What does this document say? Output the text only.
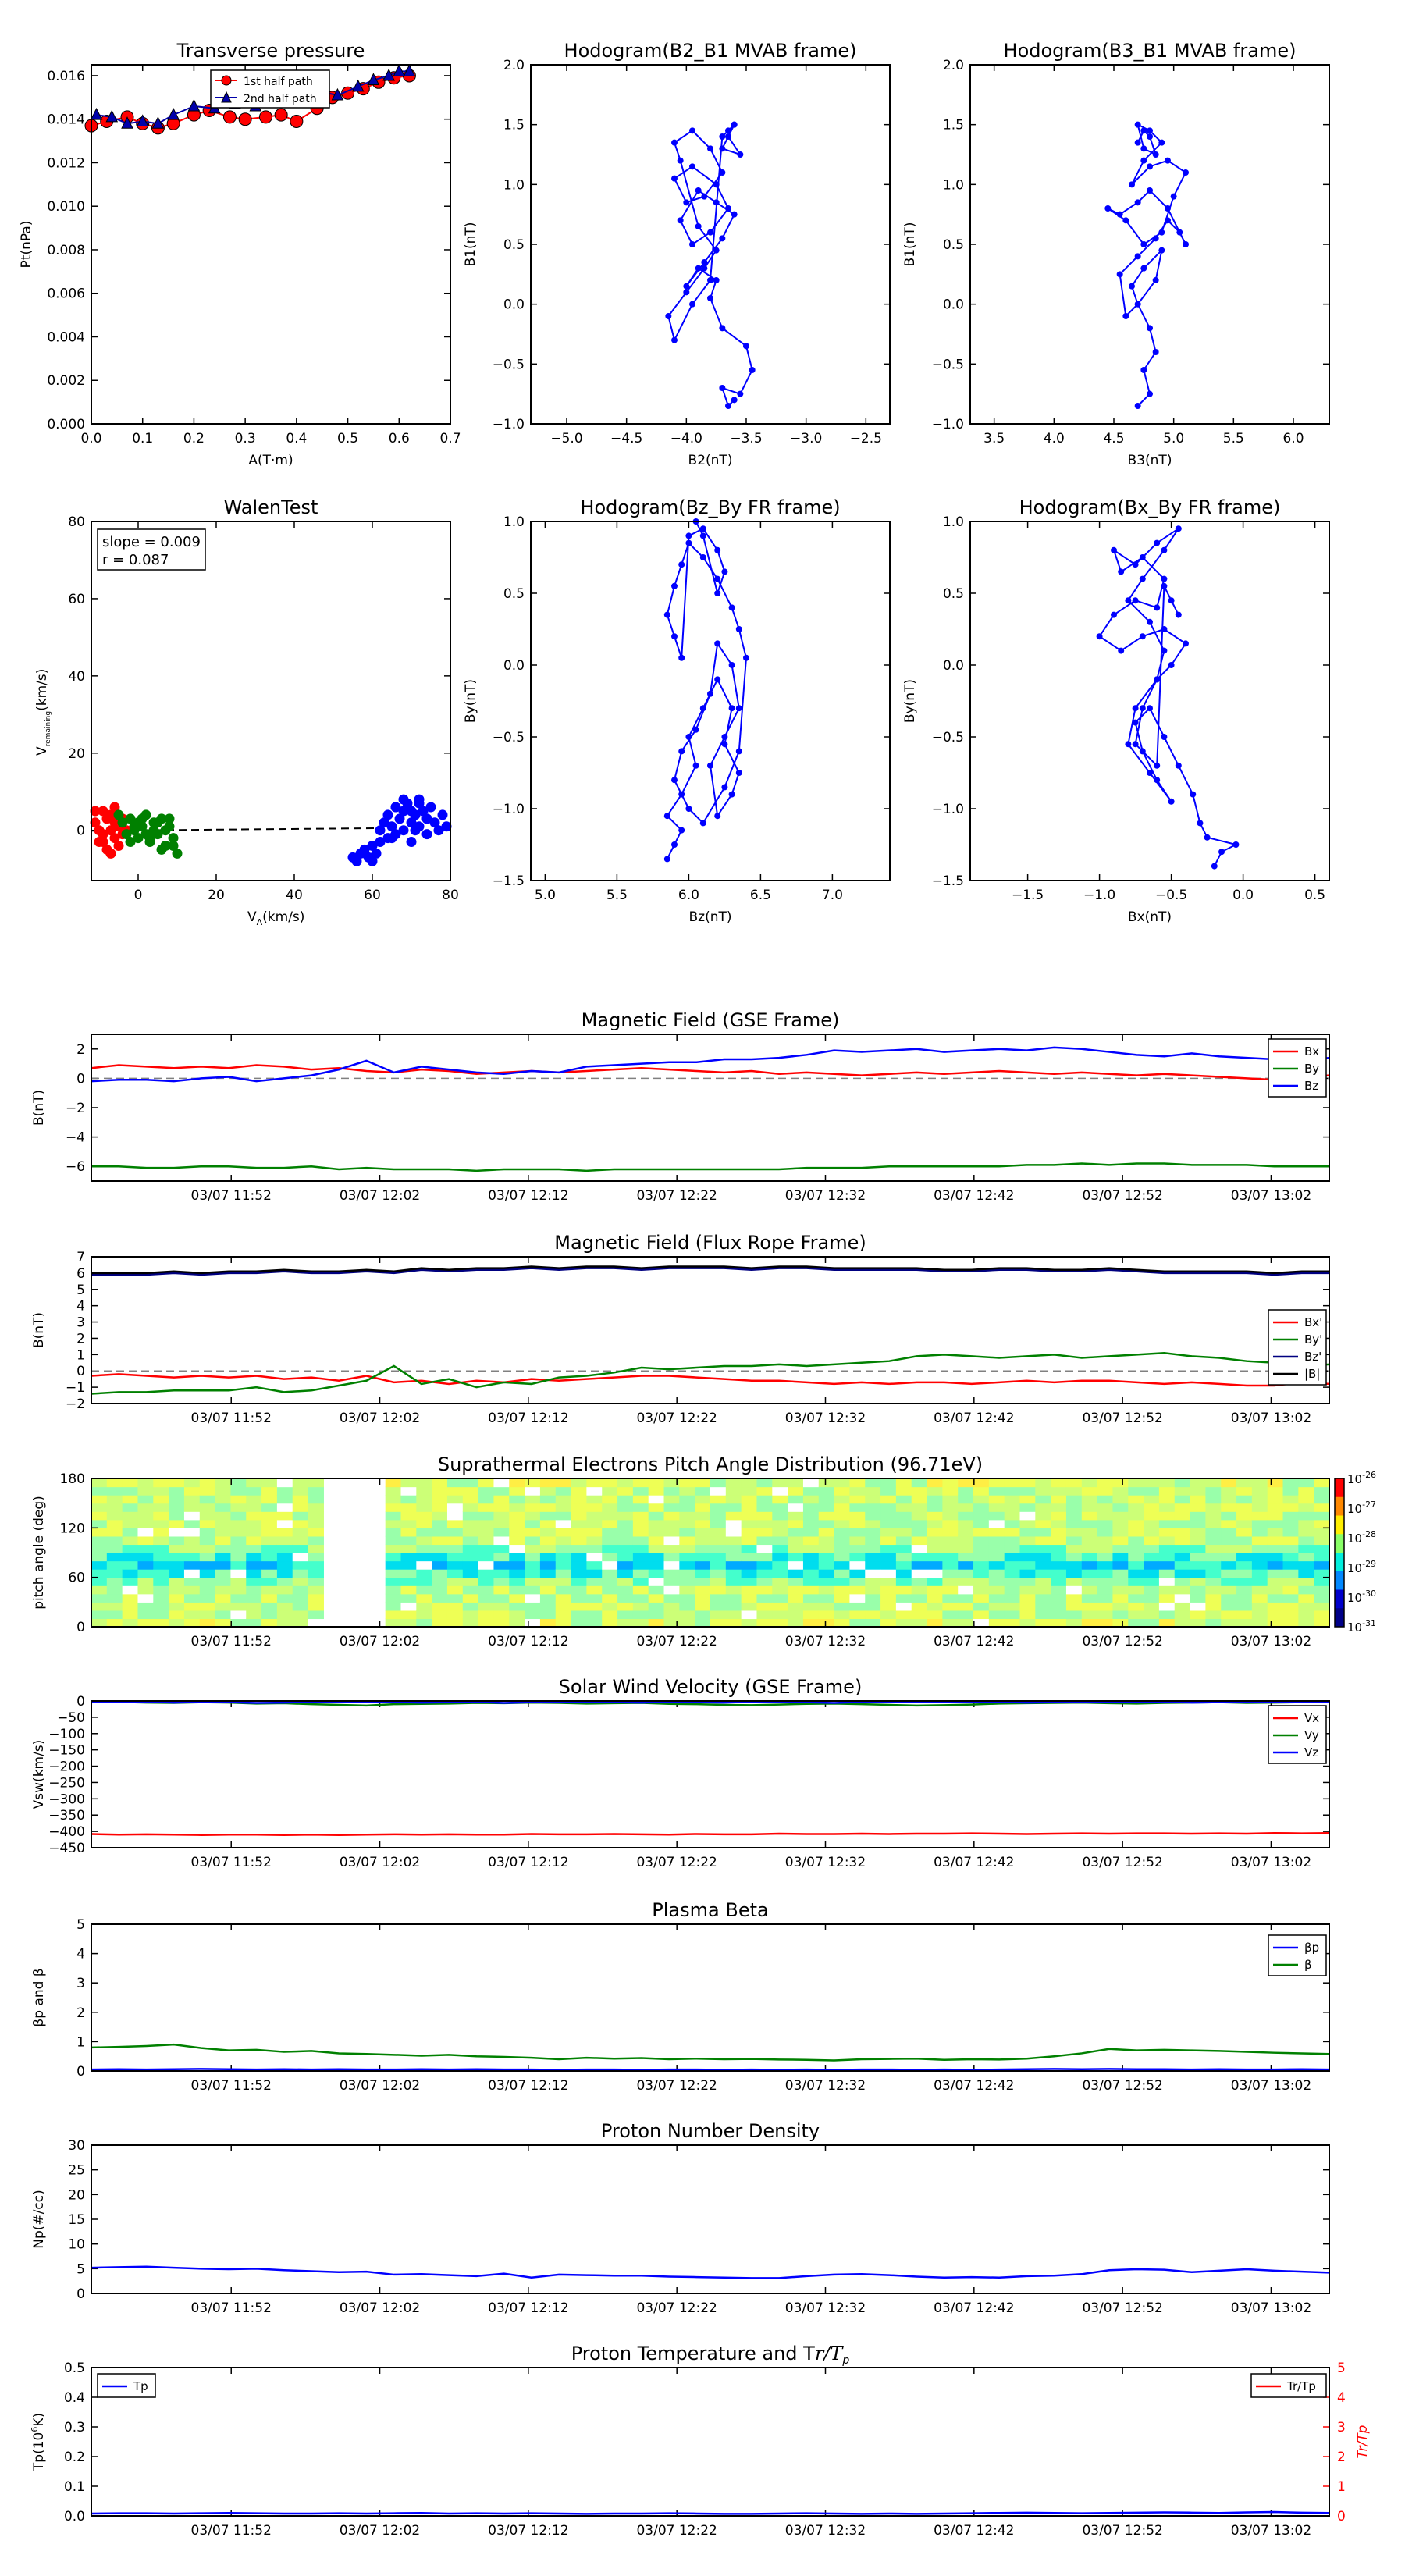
Transverse pressure
0.0 0.1 0.2 0.3 0.4 0.5 0.6 0.7
0.000
0.002
0.004
0.006
0.008
0.010
0.012
0.014
0.016
A(T·m)
Pt(nPa)
1st half path
2nd half path
Hodogram(B2_B1 MVAB frame)
−5.0 −4.5 −4.0 −3.5 −3.0 −2.5
−1.0
−0.5
0.0
0.5
1.0
1.5
2.0
B2(nT)
B1(nT)
Hodogram(B3_B1 MVAB frame)
3.5	4.0	4.5	5.0	5.5	6.0
−1.0
−0.5
0.0
0.5
1.0
1.5
2.0
B3(nT)
B1(nT)
Hodogram(Bz_By FR frame)
5.0	5.5	6.0	6.5	7.0
−1.5
−1.0
−0.5
0.0
0.5
1.0
Bz(nT)
By(nT)
Hodogram(Bx_By FR frame)
−1.5	−1.0	−0.5	0.0	0.5
−1.5
−1.0
−0.5
0.0
0.5
1.0
Bx(nT)
By(nT)
WalenTest
0	20	40	60	80
0
20
40
60
80
$V_A(km/s)$
$V_{remaining}(km/s)$
slope = 0.009
r = 0.087
Magnetic Field (GSE Frame)
−6
−4
−2
0
2
B(nT)
03/07 11:52	03/07 12:02	03/07 12:12	03/07 12:22	03/07 12:32	03/07 12:42	03/07 12:52	03/07 13:02
Bx
By
Bz
Magnetic Field (Flux Rope Frame)
−2
−1
0
1
2
3
4
5
6
7
B(nT)
03/07 11:52	03/07 12:02	03/07 12:12	03/07 12:22	03/07 12:32	03/07 12:42	03/07 12:52	03/07 13:02
Bx'
By'
Bz'
|B|
Suprathermal Electrons Pitch Angle Distribution (96.71eV)
0
60
120
180
pitch angle (deg)
03/07 11:52	03/07 12:02	03/07 12:12	03/07 12:22	03/07 12:32	03/07 12:42	03/07 12:52	03/07 13:02
$10^{-26}$
$10^{-27}$
$10^{-28}$
$10^{-29}$
$10^{-30}$
$10^{-31}$
Solar Wind Velocity (GSE Frame)
−450
−400
−350
−300
−250
−200
−150
−100
−50
0
Vsw(km/s)
03/07 11:52	03/07 12:02	03/07 12:12	03/07 12:22	03/07 12:32	03/07 12:42	03/07 12:52	03/07 13:02
Vx
Vy
Vz
Plasma Beta
0
1
2
3
4
5
βp and β
03/07 11:52	03/07 12:02	03/07 12:12	03/07 12:22	03/07 12:32	03/07 12:42	03/07 12:52	03/07 13:02
βp
β
Proton Number Density
0
5
10
15
20
25
30
Np(#/cc)
03/07 11:52	03/07 12:02	03/07 12:12	03/07 12:22	03/07 12:32	03/07 12:42	03/07 12:52	03/07 13:02
Proton Temperature and $Tr/T_p$
0.0	0
0.1	1
0.2	2
0.3	3
0.4	4
0.5	5
$Tp(10^6K)$
Tr/Tp
03/07 11:52	03/07 12:02	03/07 12:12	03/07 12:22	03/07 12:32	03/07 12:42	03/07 12:52	03/07 13:02
Tp	Tr/Tp
